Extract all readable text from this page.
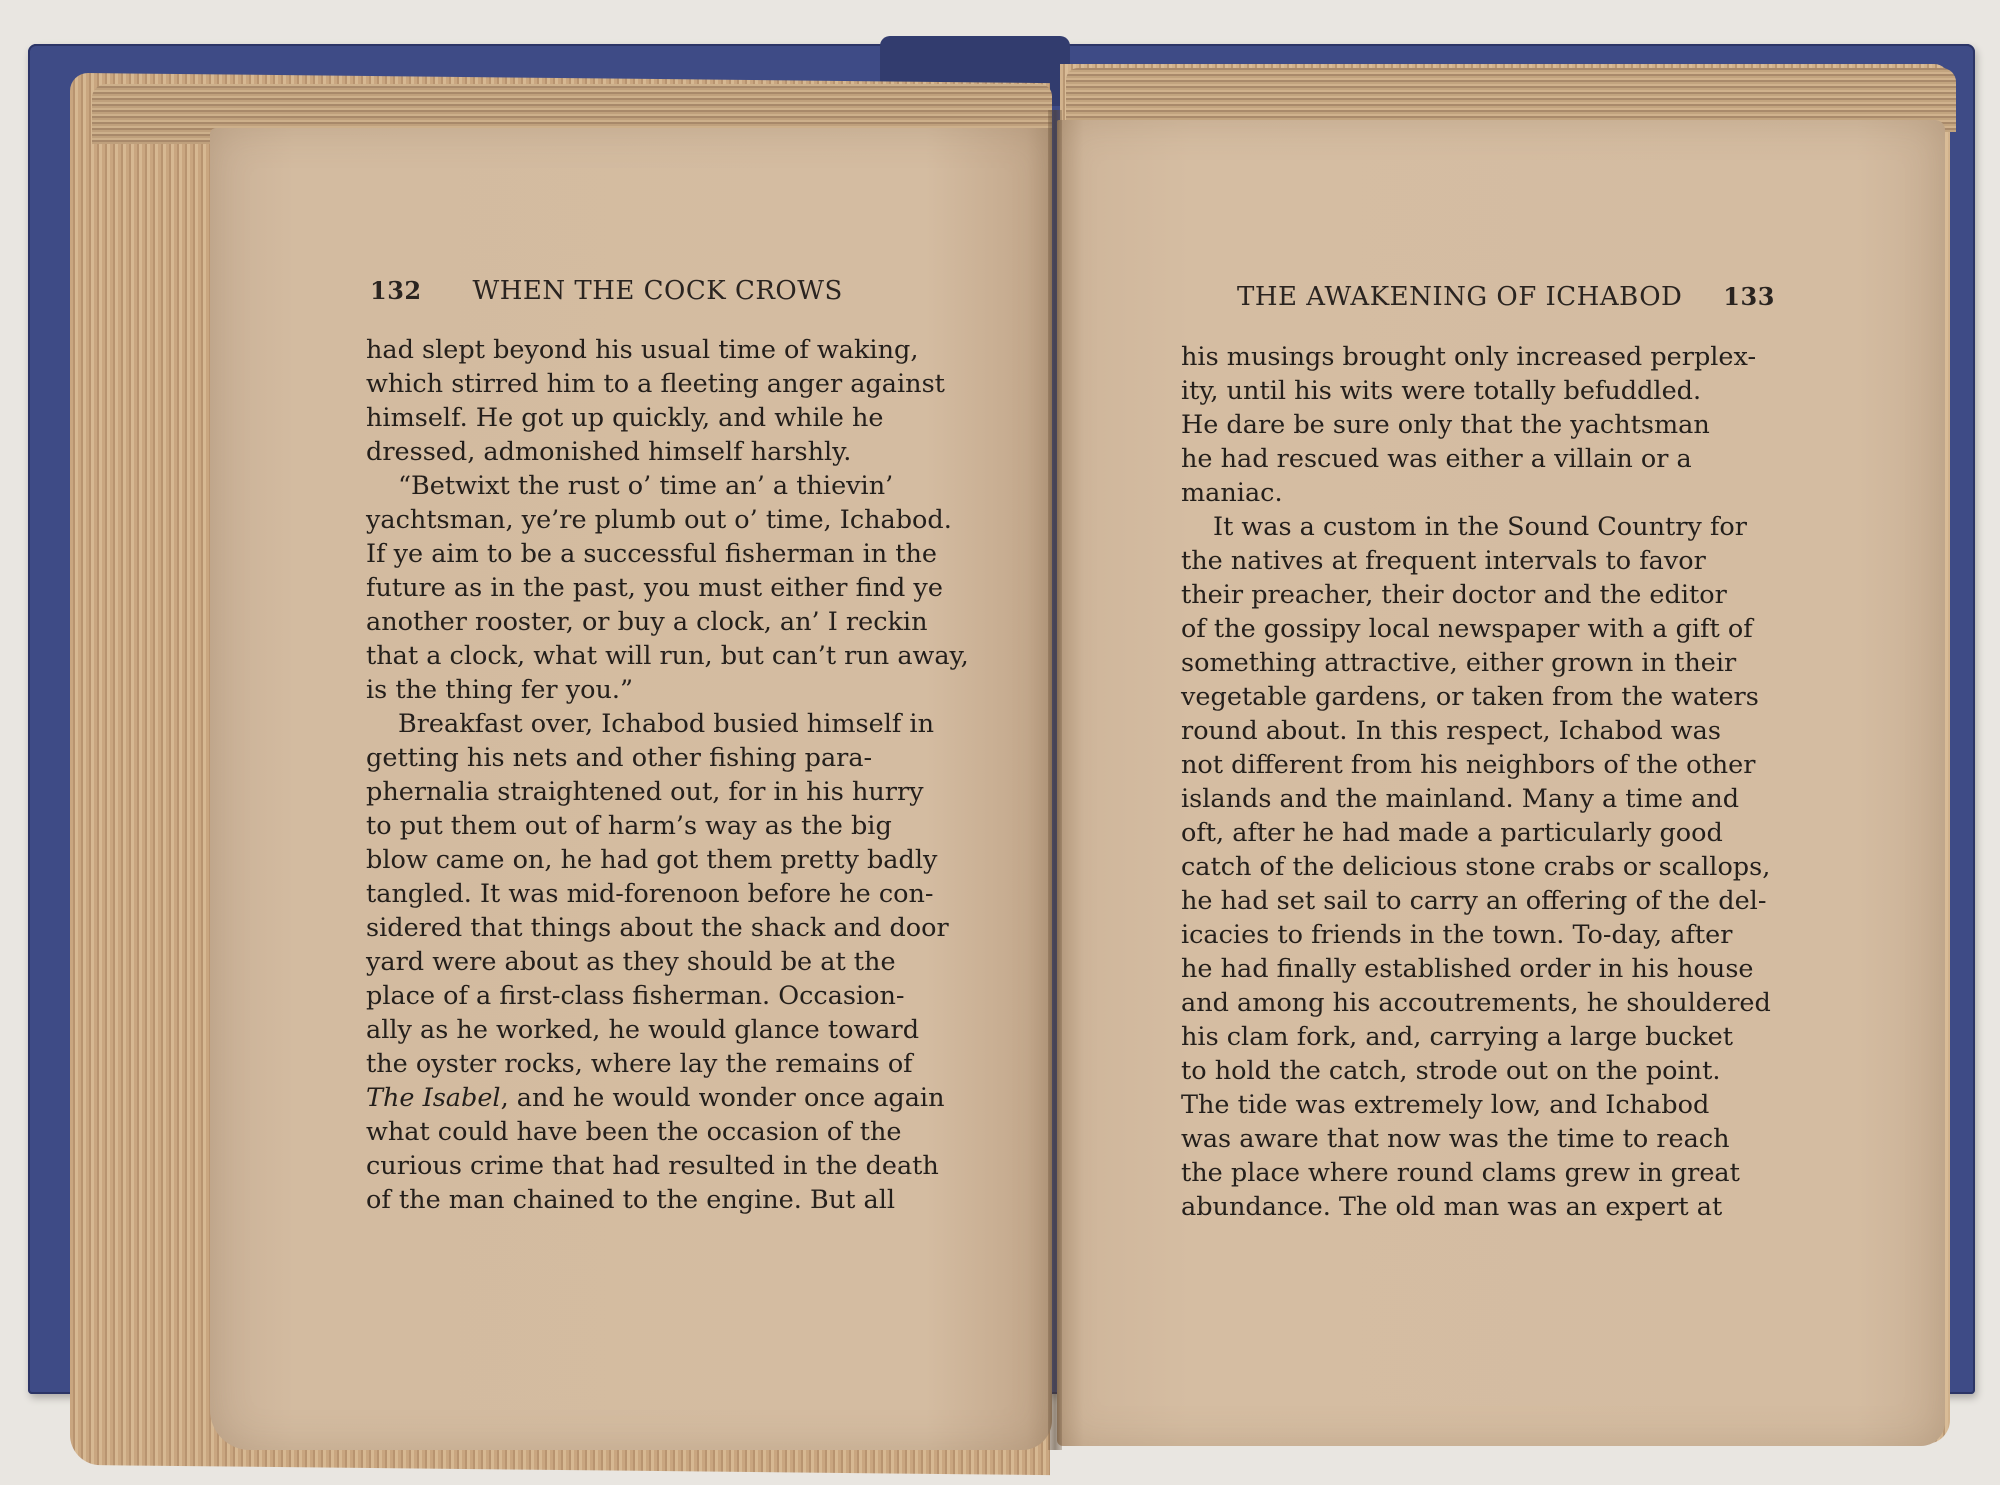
132 WHEN THE COCK CROWS
had slept beyond his usual time of waking,
which stirred him to a fleeting anger against
himself. He got up quickly, and while he
dressed, admonished himself harshly.
“Betwixt the rust o’ time an’ a thievin’
yachtsman, ye’re plumb out o’ time, Ichabod.
If ye aim to be a successful fisherman in the
future as in the past, you must either find ye
another rooster, or buy a clock, an’ I reckin
that a clock, what will run, but can’t run away,
is the thing fer you.”
Breakfast over, Ichabod busied himself in
getting his nets and other fishing para-
phernalia straightened out, for in his hurry
to put them out of harm’s way as the big
blow came on, he had got them pretty badly
tangled. It was mid-forenoon before he con-
sidered that things about the shack and door
yard were about as they should be at the
place of a first-class fisherman. Occasion-
ally as he worked, he would glance toward
the oyster rocks, where lay the remains of
The Isabel, and he would wonder once again
what could have been the occasion of the
curious crime that had resulted in the death
of the man chained to the engine. But all
THE AWAKENING OF ICHABOD 133
his musings brought only increased perplex-
ity, until his wits were totally befuddled.
He dare be sure only that the yachtsman
he had rescued was either a villain or a
maniac.
It was a custom in the Sound Country for
the natives at frequent intervals to favor
their preacher, their doctor and the editor
of the gossipy local newspaper with a gift of
something attractive, either grown in their
vegetable gardens, or taken from the waters
round about. In this respect, Ichabod was
not different from his neighbors of the other
islands and the mainland. Many a time and
oft, after he had made a particularly good
catch of the delicious stone crabs or scallops,
he had set sail to carry an offering of the del-
icacies to friends in the town. To-day, after
he had finally established order in his house
and among his accoutrements, he shouldered
his clam fork, and, carrying a large bucket
to hold the catch, strode out on the point.
The tide was extremely low, and Ichabod
was aware that now was the time to reach
the place where round clams grew in great
abundance. The old man was an expert at
